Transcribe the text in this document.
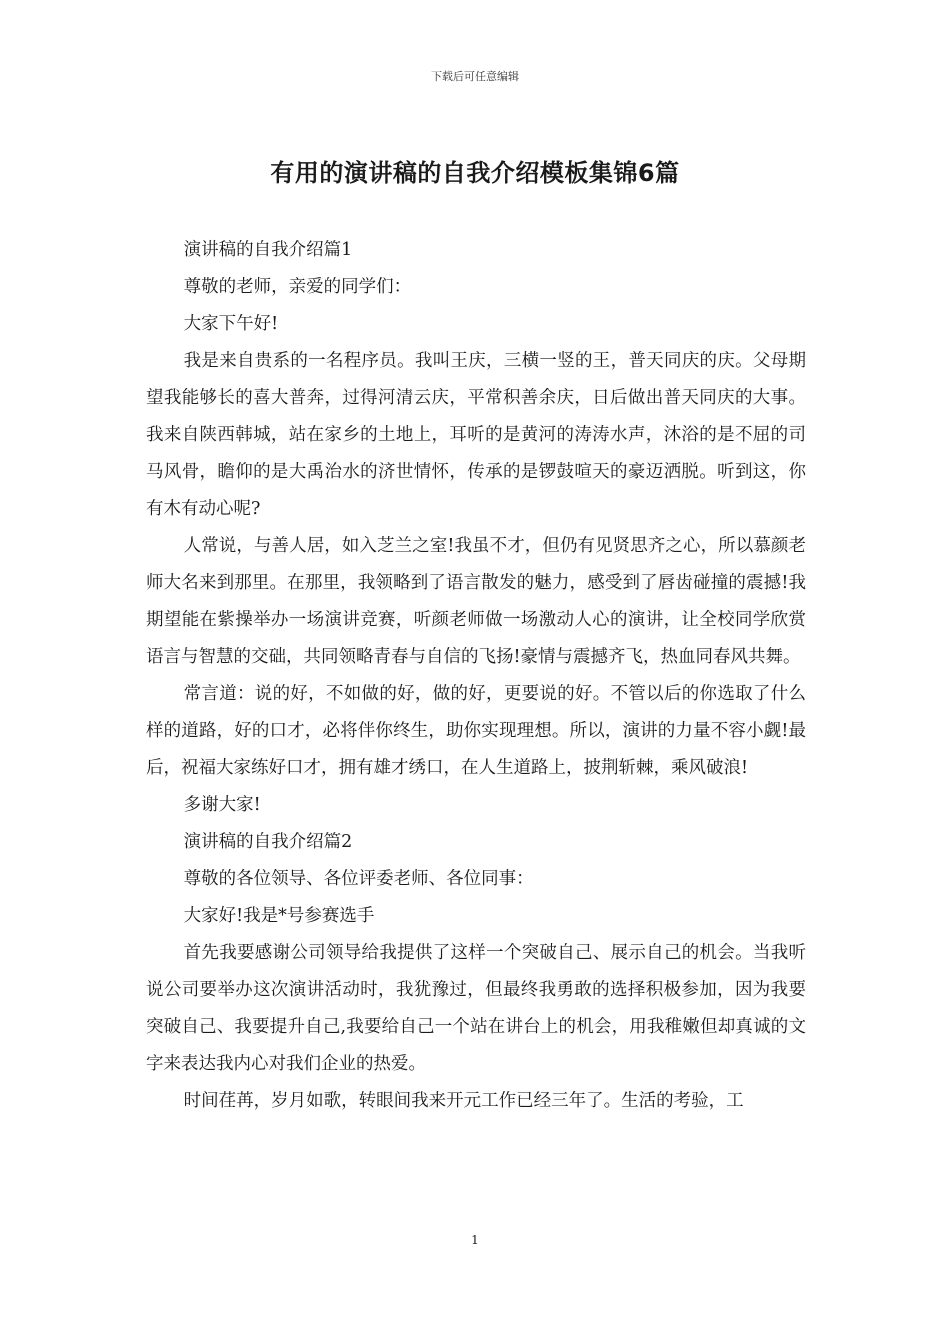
下载后可任意编辑
有用的演讲稿的自我介绍模板集锦6篇

演讲稿的自我介绍篇1

尊敬的老师，亲爱的同学们：

大家下午好!

我是来自贵系的一名程序员。我叫王庆，三横一竖的王，普天同庆的庆。父母期望我能够长的喜大普奔，过得河清云庆，平常积善余庆，日后做出普天同庆的大事。我来自陕西韩城，站在家乡的土地上，耳听的是黄河的涛涛水声，沐浴的是不屈的司马风骨，瞻仰的是大禹治水的济世情怀，传承的是锣鼓喧天的豪迈洒脱。听到这，你有木有动心呢?

人常说，与善人居，如入芝兰之室!我虽不才，但仍有见贤思齐之心，所以慕颜老师大名来到那里。在那里，我领略到了语言散发的魅力，感受到了唇齿碰撞的震撼!我期望能在紫操举办一场演讲竞赛，听颜老师做一场激动人心的演讲，让全校同学欣赏语言与智慧的交础，共同领略青春与自信的飞扬!豪情与震撼齐飞，热血同春风共舞。

常言道：说的好，不如做的好，做的好，更要说的好。不管以后的你选取了什么样的道路，好的口才，必将伴你终生，助你实现理想。所以，演讲的力量不容小觑!最后，祝福大家练好口才，拥有雄才绣口，在人生道路上，披荆斩棘，乘风破浪!

多谢大家!

演讲稿的自我介绍篇2

尊敬的各位领导、各位评委老师、各位同事：

大家好!我是*号参赛选手

首先我要感谢公司领导给我提供了这样一个突破自己、展示自己的机会。当我听说公司要举办这次演讲活动时，我犹豫过，但最终我勇敢的选择积极参加，因为我要突破自己、我要提升自己,我要给自己一个站在讲台上的机会，用我稚嫩但却真诚的文字来表达我内心对我们企业的热爱。

时间荏苒，岁月如歌，转眼间我来开元工作已经三年了。生活的考验，工

1
